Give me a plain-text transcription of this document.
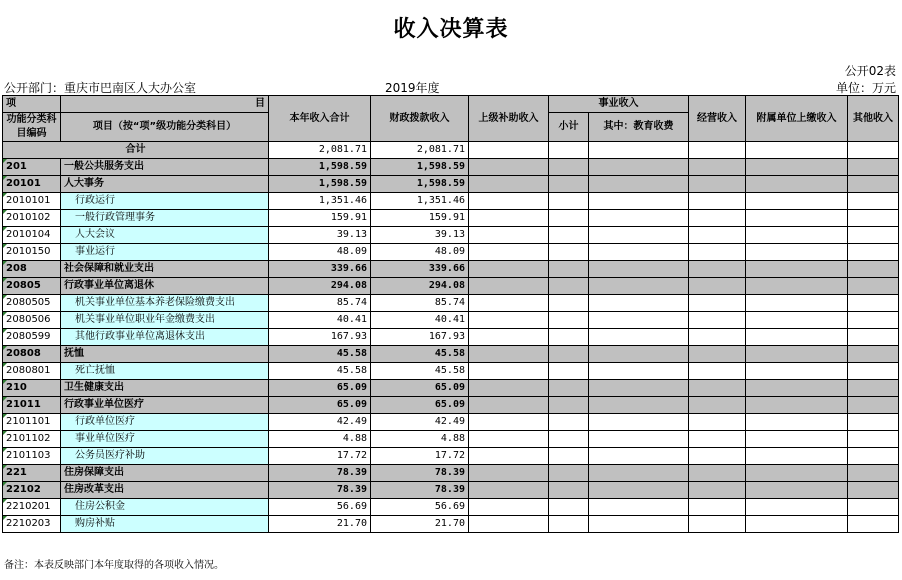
收入决算表
公开02表
单位：万元
公开部门：重庆市巴南区人大办公室	2019年度
项	目	本年收入合计	财政拨款收入	上级补助收入	事业收入		经营收入	附属单位上缴收入	其他收入
功能分类科目编码	项目（按“项”级功能分类科目）								
					小计	其中：教育收费			

合计		2,081.71	2,081.71						
201	一般公共服务支出	1,598.59	1,598.59						
20101	人大事务	1,598.59	1,598.59						
2010101	行政运行	1,351.46	1,351.46						
2010102	一般行政管理事务	159.91	159.91						
2010104	人大会议	39.13	39.13						
2010150	事业运行	48.09	48.09						
208	社会保障和就业支出	339.66	339.66						
20805	行政事业单位离退休	294.08	294.08						
2080505	机关事业单位基本养老保险缴费支出	85.74	85.74						
2080506	机关事业单位职业年金缴费支出	40.41	40.41						
2080599	其他行政事业单位离退休支出	167.93	167.93						
20808	抚恤	45.58	45.58						
2080801	死亡抚恤	45.58	45.58						
210	卫生健康支出	65.09	65.09						
21011	行政事业单位医疗	65.09	65.09						
2101101	行政单位医疗	42.49	42.49						
2101102	事业单位医疗	4.88	4.88						
2101103	公务员医疗补助	17.72	17.72						
221	住房保障支出	78.39	78.39						
22102	住房改革支出	78.39	78.39						
2210201	住房公积金	56.69	56.69						
2210203	购房补贴	21.70	21.70						
备注：本表反映部门本年度取得的各项收入情况。
